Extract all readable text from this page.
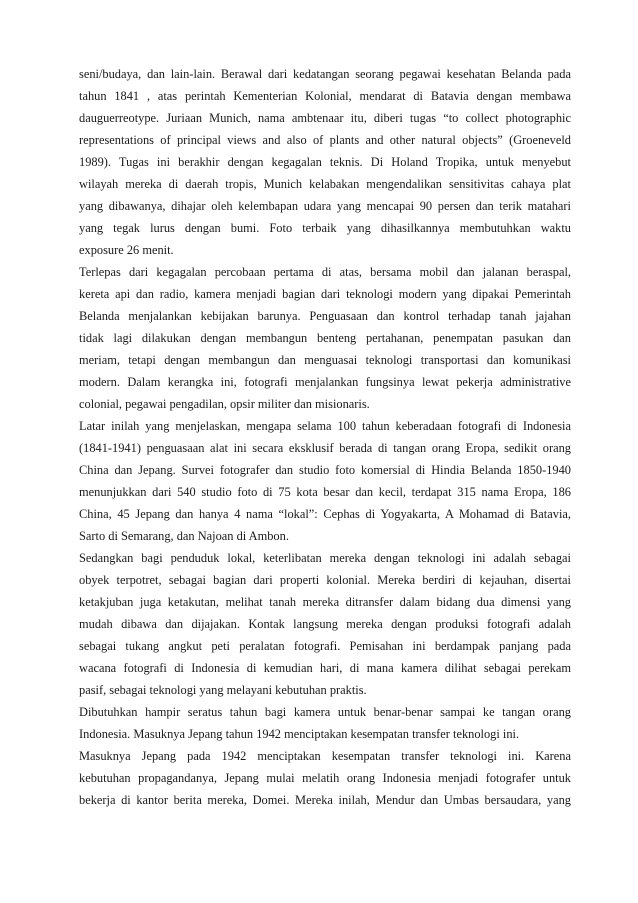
seni/budaya, dan lain-lain. Berawal dari kedatangan seorang pegawai kesehatan Belanda pada
tahun 1841 , atas perintah Kementerian Kolonial, mendarat di Batavia dengan membawa
dauguerreotype. Juriaan Munich, nama ambtenaar itu, diberi tugas “to collect photographic
representations of principal views and also of plants and other natural objects” (Groeneveld
1989). Tugas ini berakhir dengan kegagalan teknis. Di Holand Tropika, untuk menyebut
wilayah mereka di daerah tropis, Munich kelabakan mengendalikan sensitivitas cahaya plat
yang dibawanya, dihajar oleh kelembapan udara yang mencapai 90 persen dan terik matahari
yang tegak lurus dengan bumi. Foto terbaik yang dihasilkannya membutuhkan waktu
exposure 26 menit.
Terlepas dari kegagalan percobaan pertama di atas, bersama mobil dan jalanan beraspal,
kereta api dan radio, kamera menjadi bagian dari teknologi modern yang dipakai Pemerintah
Belanda menjalankan kebijakan barunya. Penguasaan dan kontrol terhadap tanah jajahan
tidak lagi dilakukan dengan membangun benteng pertahanan, penempatan pasukan dan
meriam, tetapi dengan membangun dan menguasai teknologi transportasi dan komunikasi
modern. Dalam kerangka ini, fotografi menjalankan fungsinya lewat pekerja administrative
colonial, pegawai pengadilan, opsir militer dan misionaris.
Latar inilah yang menjelaskan, mengapa selama 100 tahun keberadaan fotografi di Indonesia
(1841-1941) penguasaan alat ini secara eksklusif berada di tangan orang Eropa, sedikit orang
China dan Jepang. Survei fotografer dan studio foto komersial di Hindia Belanda 1850-1940
menunjukkan dari 540 studio foto di 75 kota besar dan kecil, terdapat 315 nama Eropa, 186
China, 45 Jepang dan hanya 4 nama “lokal”: Cephas di Yogyakarta, A Mohamad di Batavia,
Sarto di Semarang, dan Najoan di Ambon.
Sedangkan bagi penduduk lokal, keterlibatan mereka dengan teknologi ini adalah sebagai
obyek terpotret, sebagai bagian dari properti kolonial. Mereka berdiri di kejauhan, disertai
ketakjuban juga ketakutan, melihat tanah mereka ditransfer dalam bidang dua dimensi yang
mudah dibawa dan dijajakan. Kontak langsung mereka dengan produksi fotografi adalah
sebagai tukang angkut peti peralatan fotografi. Pemisahan ini berdampak panjang pada
wacana fotografi di Indonesia di kemudian hari, di mana kamera dilihat sebagai perekam
pasif, sebagai teknologi yang melayani kebutuhan praktis.
Dibutuhkan hampir seratus tahun bagi kamera untuk benar-benar sampai ke tangan orang
Indonesia. Masuknya Jepang tahun 1942 menciptakan kesempatan transfer teknologi ini.
Masuknya Jepang pada 1942 menciptakan kesempatan transfer teknologi ini. Karena
kebutuhan propagandanya, Jepang mulai melatih orang Indonesia menjadi fotografer untuk
bekerja di kantor berita mereka, Domei. Mereka inilah, Mendur dan Umbas bersaudara, yang
